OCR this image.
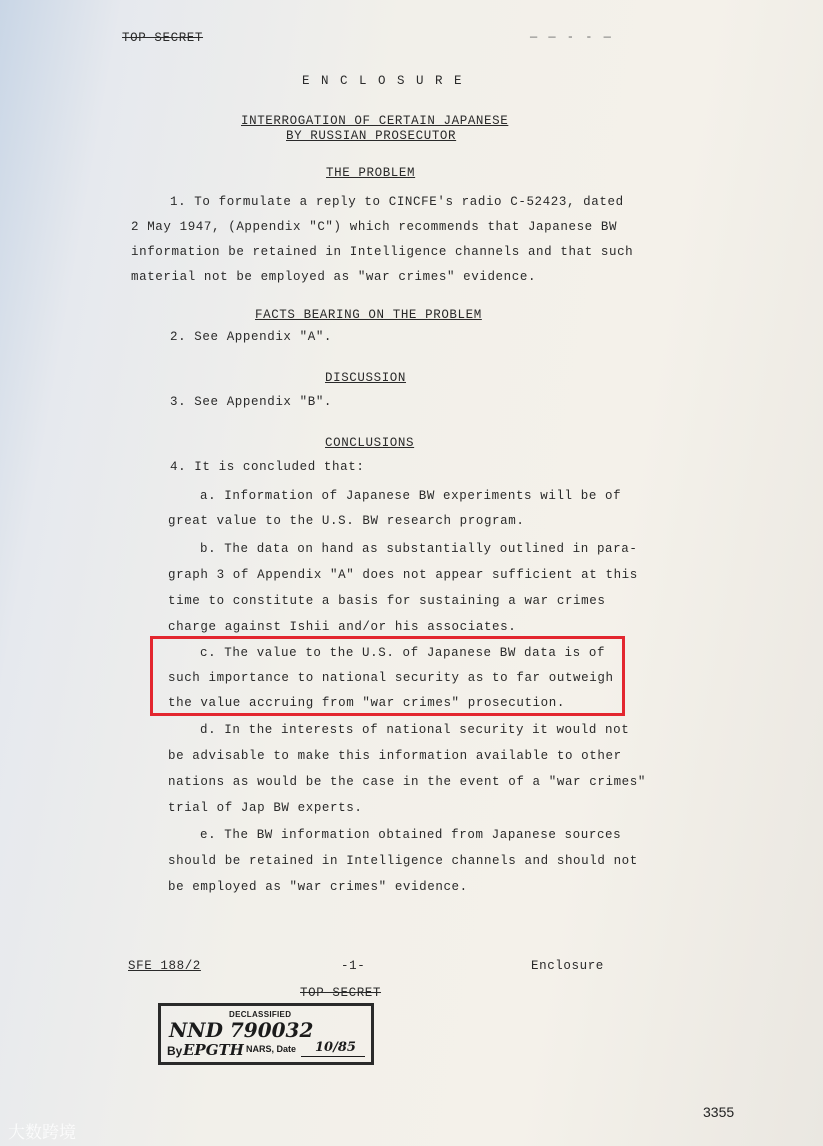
TOP SECRET	— — - - —
E N C L O S U R E
INTERROGATION OF CERTAIN JAPANESE
BY RUSSIAN PROSECUTOR
THE PROBLEM
1. To formulate a reply to CINCFE's radio C-52423, dated
2 May 1947, (Appendix "C") which recommends that Japanese BW
information be retained in Intelligence channels and that such
material not be employed as "war crimes" evidence.
FACTS BEARING ON THE PROBLEM
2. See Appendix "A".
DISCUSSION
3. See Appendix "B".
CONCLUSIONS
4. It is concluded that:
a. Information of Japanese BW experiments will be of
great value to the U.S. BW research program.
b. The data on hand as substantially outlined in para-
graph 3 of Appendix "A" does not appear sufficient at this
time to constitute a basis for sustaining a war crimes
charge against Ishii and/or his associates.
c. The value to the U.S. of Japanese BW data is of
such importance to national security as to far outweigh
the value accruing from "war crimes" prosecution.
d. In the interests of national security it would not
be advisable to make this information available to other
nations as would be the case in the event of a "war crimes"
trial of Jap BW experts.
e. The BW information obtained from Japanese sources
should be retained in Intelligence channels and should not
be employed as "war crimes" evidence.
SFE 188/2	-1-	Enclosure
TOP SECRET
DECLASSIFIED
NND 790032
By EPGTH NARS, Date 10/85
3355
大数跨境
